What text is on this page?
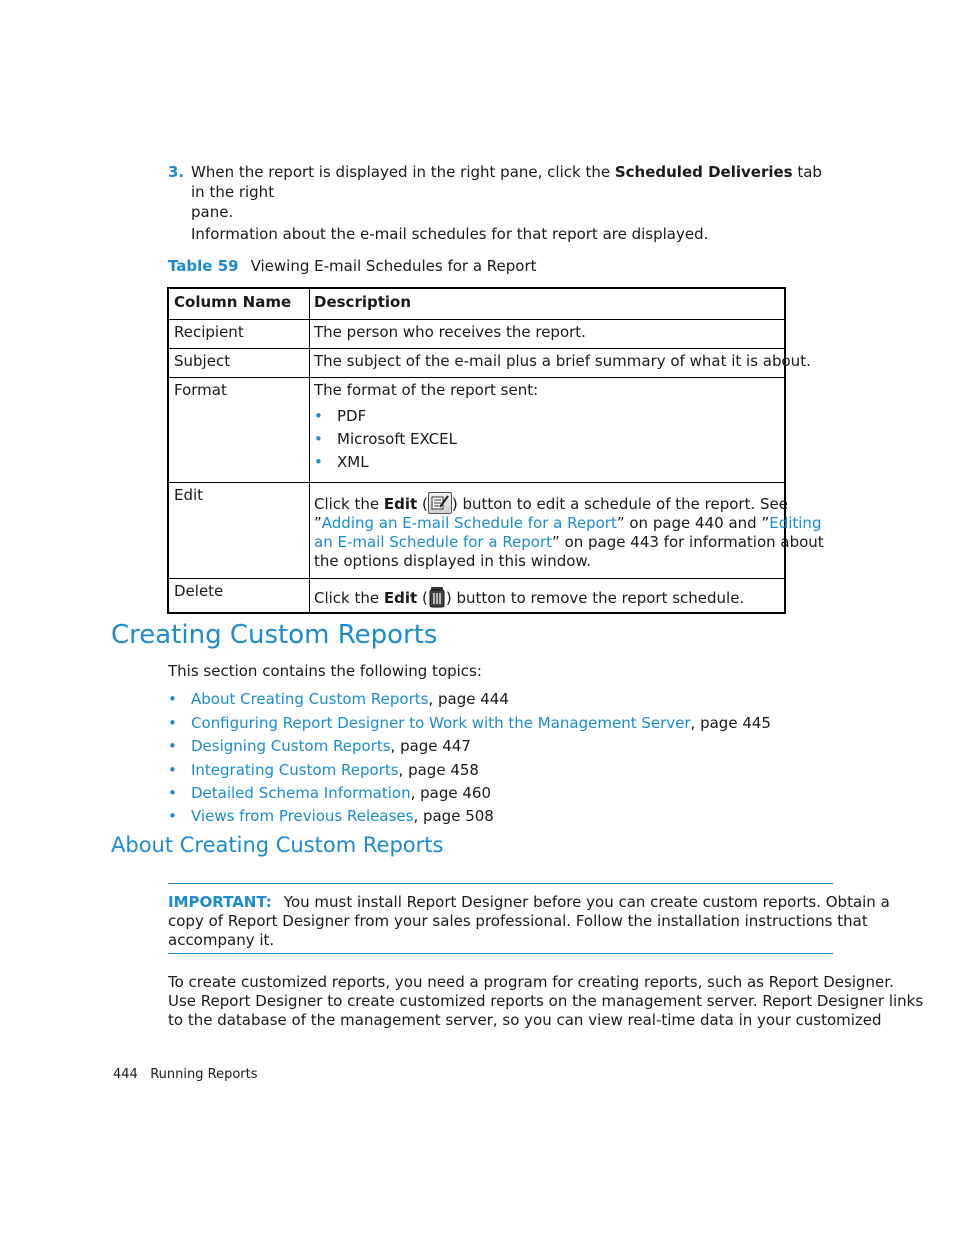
3. When the report is displayed in the right pane, click the Scheduled Deliveries tab in the right
pane.
Information about the e-mail schedules for that report are displayed.
Table 59 Viewing E-mail Schedules for a Report
Column Name Description
Recipient	The person who receives the report.
Subject	The subject of the e-mail plus a brief summary of what it is about.
Format	The format of the report sent:
• PDF
• Microsoft EXCEL
• XML
Edit	Click the Edit ( ) button to edit a schedule of the report. See
”Adding an E-mail Schedule for a Report” on page 440 and ”Editing
an E-mail Schedule for a Report” on page 443 for information about
the options displayed in this window.
Delete	Click the Edit ( ) button to remove the report schedule.
Creating Custom Reports
This section contains the following topics:
• About Creating Custom Reports, page 444
• Configuring Report Designer to Work with the Management Server, page 445
• Designing Custom Reports, page 447
• Integrating Custom Reports, page 458
• Detailed Schema Information, page 460
• Views from Previous Releases, page 508
About Creating Custom Reports
IMPORTANT: You must install Report Designer before you can create custom reports. Obtain a
copy of Report Designer from your sales professional. Follow the installation instructions that
accompany it.
To create customized reports, you need a program for creating reports, such as Report Designer.
Use Report Designer to create customized reports on the management server. Report Designer links
to the database of the management server, so you can view real-time data in your customized
444 Running Reports
